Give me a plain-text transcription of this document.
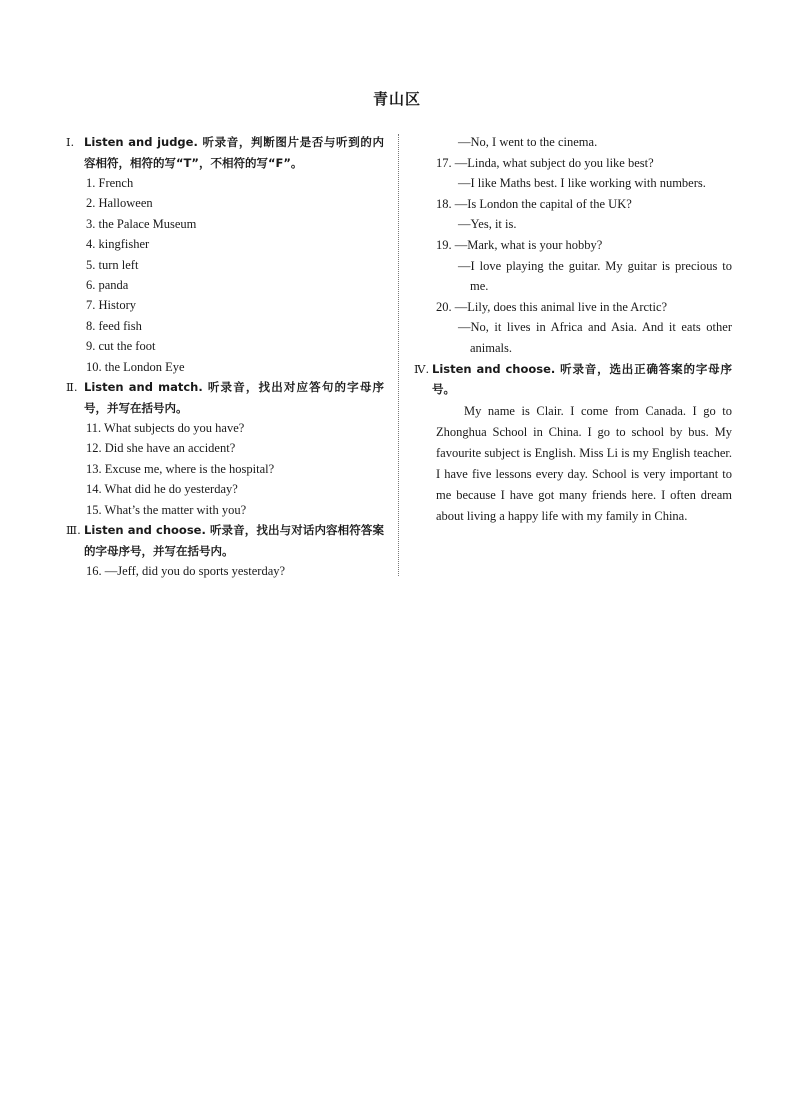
青山区
Ⅰ. Listen and judge. 听录音，判断图片是否与听到的内容相符，相符的写“T”，不相符的写“F”。
1. French
2. Halloween
3. the Palace Museum
4. kingfisher
5. turn left
6. panda
7. History
8. feed fish
9. cut the foot
10. the London Eye
Ⅱ. Listen and match. 听录音，找出对应答句的字母序号，并写在括号内。
11. What subjects do you have?
12. Did she have an accident?
13. Excuse me, where is the hospital?
14. What did he do yesterday?
15. What’s the matter with you?
Ⅲ. Listen and choose. 听录音，找出与对话内容相符答案的字母序号，并写在括号内。
16. —Jeff, did you do sports yesterday?
—No, I went to the cinema.
17. —Linda, what subject do you like best?
—I like Maths best. I like working with numbers.
18. —Is London the capital of the UK?
—Yes, it is.
19. —Mark, what is your hobby?
—I love playing the guitar. My guitar is precious to me.
20. —Lily, does this animal live in the Arctic?
—No, it lives in Africa and Asia. And it eats other animals.
Ⅳ. Listen and choose. 听录音，选出正确答案的字母序号。
My name is Clair. I come from Canada. I go to Zhonghua School in China. I go to school by bus. My favourite subject is English. Miss Li is my English teacher. I have five lessons every day. School is very important to me because I have got many friends here. I often dream about living a happy life with my family in China.
